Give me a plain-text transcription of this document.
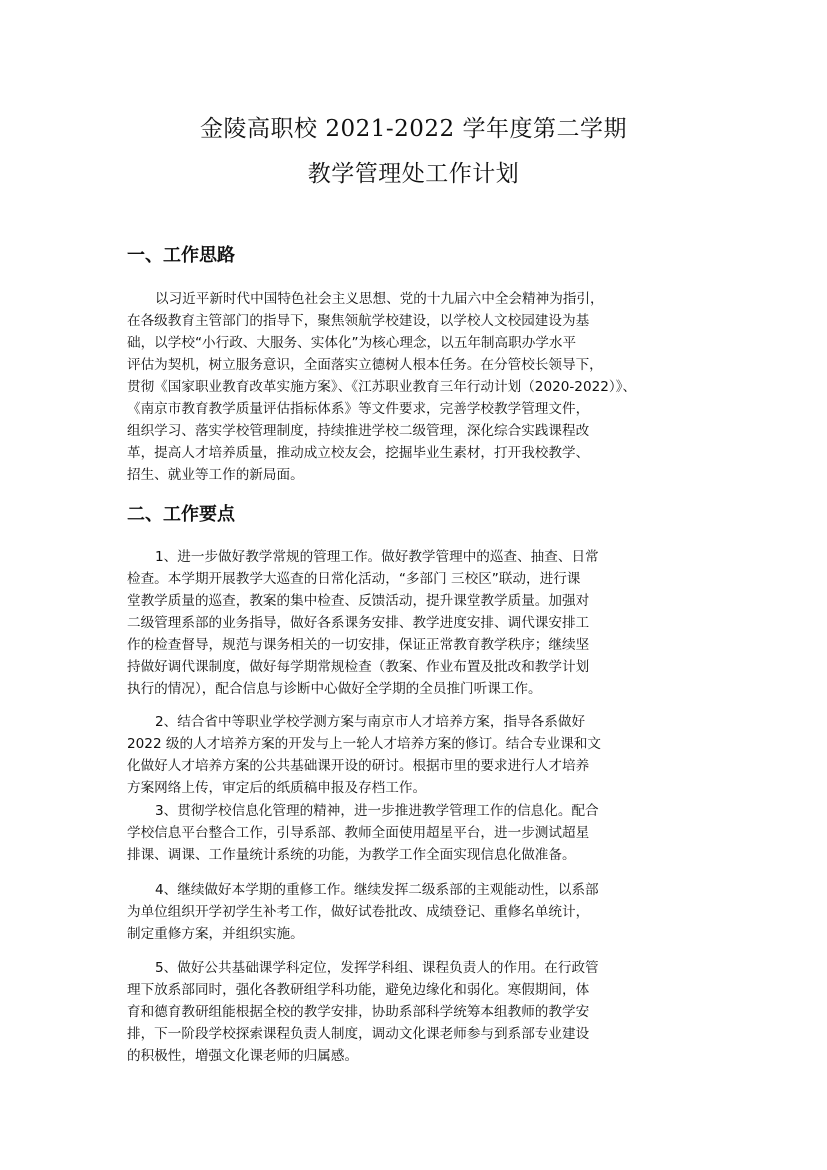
金陵高职校 2021-2022 学年度第二学期
教学管理处工作计划
一、工作思路
以习近平新时代中国特色社会主义思想、党的十九届六中全会精神为指引，
在各级教育主管部门的指导下，聚焦领航学校建设，以学校人文校园建设为基
础，以学校“小行政、大服务、实体化”为核心理念，以五年制高职办学水平
评估为契机，树立服务意识，全面落实立德树人根本任务。在分管校长领导下，
贯彻《国家职业教育改革实施方案》、《江苏职业教育三年行动计划（2020-2022）》、
《南京市教育教学质量评估指标体系》等文件要求，完善学校教学管理文件，
组织学习、落实学校管理制度，持续推进学校二级管理，深化综合实践课程改
革，提高人才培养质量，推动成立校友会，挖掘毕业生素材，打开我校教学、
招生、就业等工作的新局面。
二、工作要点
1、进一步做好教学常规的管理工作。做好教学管理中的巡查、抽查、日常
检查。本学期开展教学大巡查的日常化活动，“多部门 三校区”联动，进行课
堂教学质量的巡查，教案的集中检查、反馈活动，提升课堂教学质量。加强对
二级管理系部的业务指导，做好各系课务安排、教学进度安排、调代课安排工
作的检查督导，规范与课务相关的一切安排，保证正常教育教学秩序；继续坚
持做好调代课制度，做好每学期常规检查（教案、作业布置及批改和教学计划
执行的情况），配合信息与诊断中心做好全学期的全员推门听课工作。
2、结合省中等职业学校学测方案与南京市人才培养方案，指导各系做好
2022 级的人才培养方案的开发与上一轮人才培养方案的修订。结合专业课和文
化做好人才培养方案的公共基础课开设的研讨。根据市里的要求进行人才培养
方案网络上传，审定后的纸质稿申报及存档工作。
3、贯彻学校信息化管理的精神，进一步推进教学管理工作的信息化。配合
学校信息平台整合工作，引导系部、教师全面使用超星平台，进一步测试超星
排课、调课、工作量统计系统的功能，为教学工作全面实现信息化做准备。
4、继续做好本学期的重修工作。继续发挥二级系部的主观能动性，以系部
为单位组织开学初学生补考工作，做好试卷批改、成绩登记、重修名单统计，
制定重修方案，并组织实施。
5、做好公共基础课学科定位，发挥学科组、课程负责人的作用。在行政管
理下放系部同时，强化各教研组学科功能，避免边缘化和弱化。寒假期间，体
育和德育教研组能根据全校的教学安排，协助系部科学统筹本组教师的教学安
排，下一阶段学校探索课程负责人制度，调动文化课老师参与到系部专业建设
的积极性，增强文化课老师的归属感。
